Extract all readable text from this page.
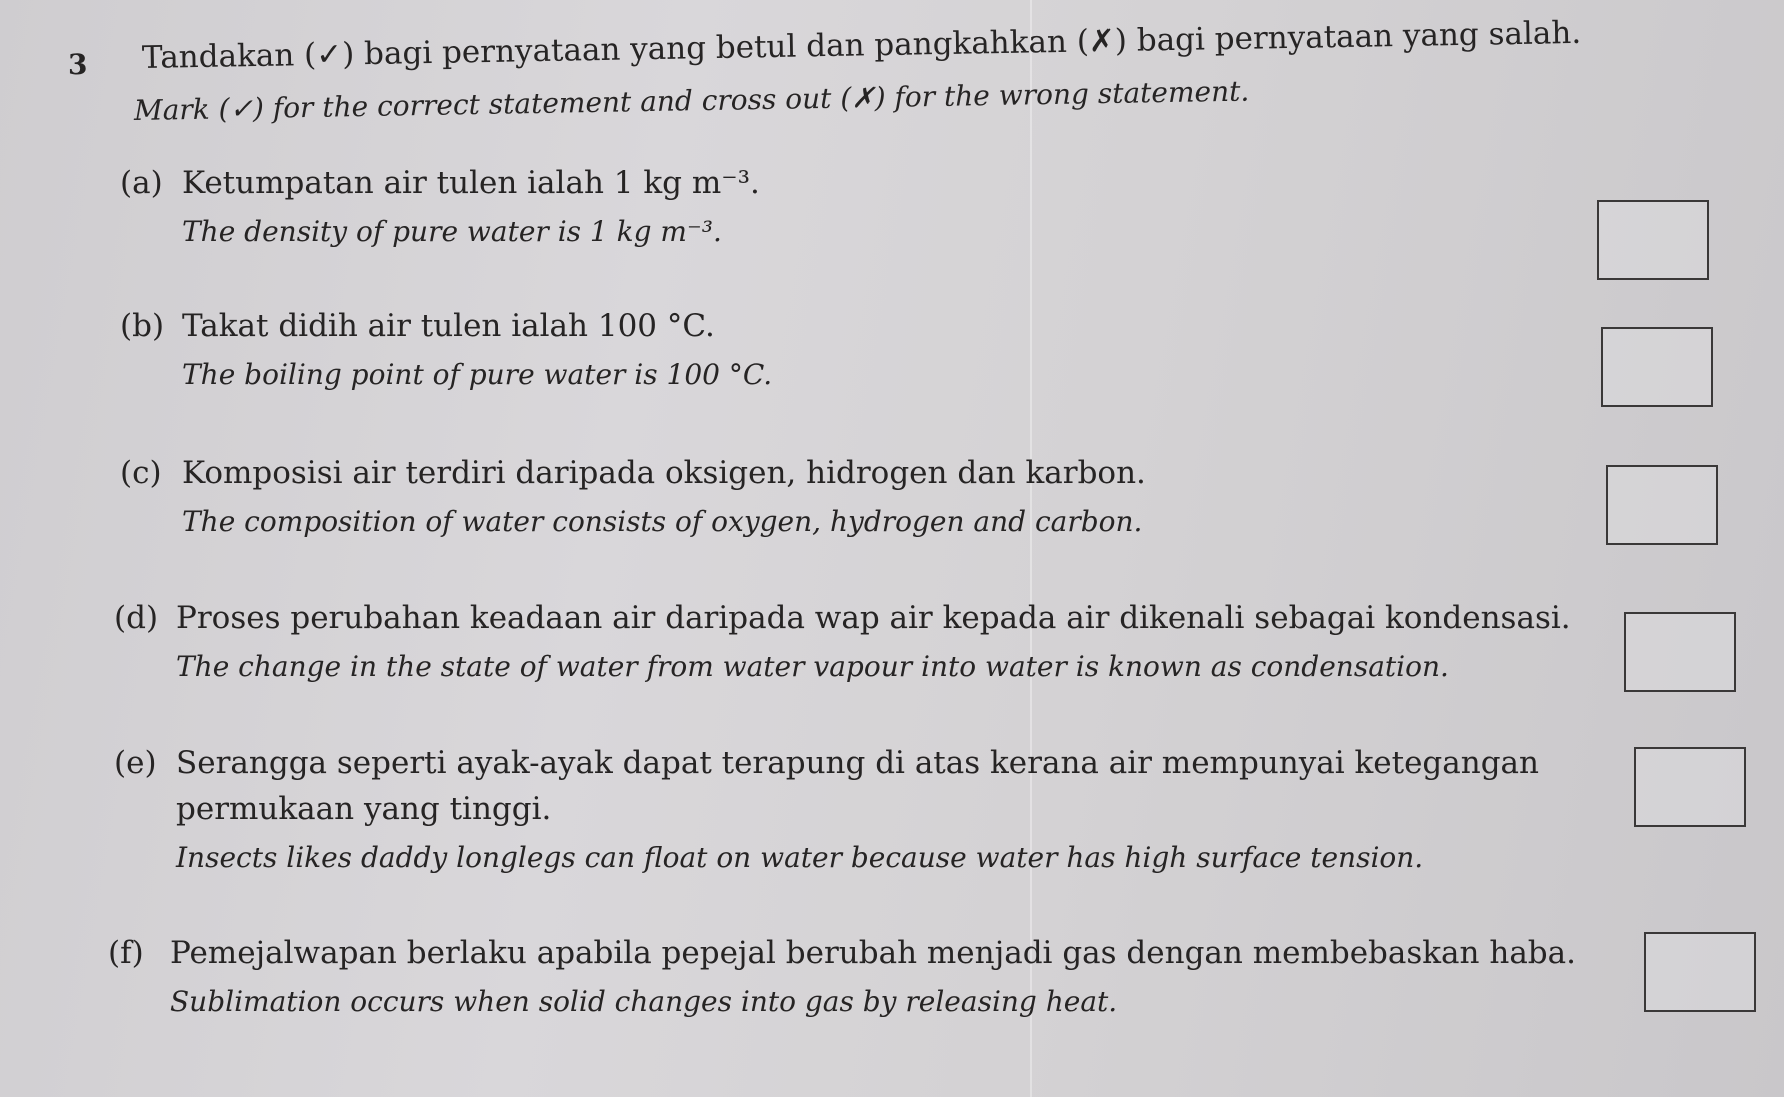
3 Tandakan (✓) bagi pernyataan yang betul dan pangkahkan (✗) bagi pernyataan yang salah.
Mark (✓) for the correct statement and cross out (✗) for the wrong statement.
(a) Ketumpatan air tulen ialah 1 kg m⁻³.
The density of pure water is 1 kg m⁻³.
(b) Takat didih air tulen ialah 100 °C.
The boiling point of pure water is 100 °C.
(c) Komposisi air terdiri daripada oksigen, hidrogen dan karbon.
The composition of water consists of oxygen, hydrogen and carbon.
(d) Proses perubahan keadaan air daripada wap air kepada air dikenali sebagai kondensasi.
The change in the state of water from water vapour into water is known as condensation.
(e) Serangga seperti ayak-ayak dapat terapung di atas kerana air mempunyai ketegangan
permukaan yang tinggi.
Insects likes daddy longlegs can float on water because water has high surface tension.
(f) Pemejalwapan berlaku apabila pepejal berubah menjadi gas dengan membebaskan haba.
Sublimation occurs when solid changes into gas by releasing heat.
